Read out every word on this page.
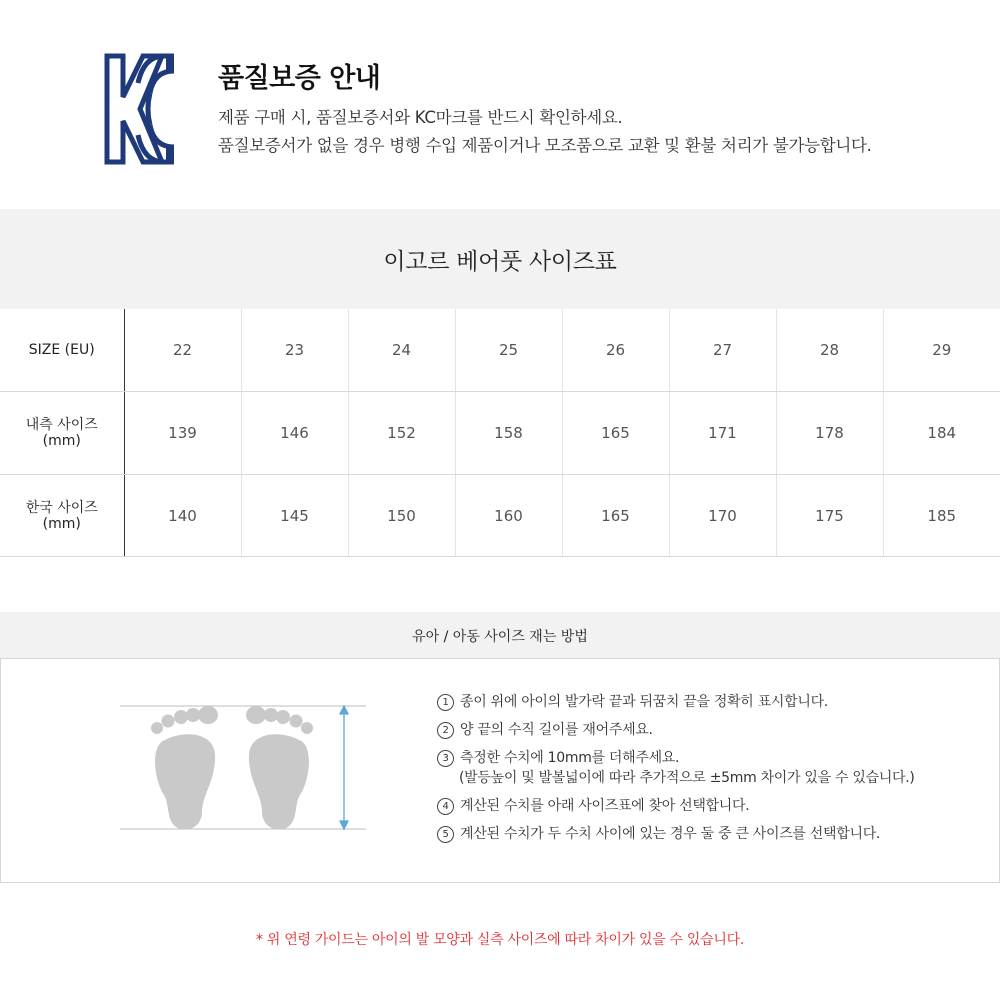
품질보증 안내
제품 구매 시, 품질보증서와 KC마크를 반드시 확인하세요.
품질보증서가 없을 경우 병행 수입 제품이거나 모조품으로 교환 및 환불 처리가 불가능합니다.
이고르 베어풋 사이즈표
SIZE (EU)	22	23	24	25	26	27	28	29
내측 사이즈
(mm)	139	146	152	158	165	171	178	184
한국 사이즈
(mm)	140	145	150	160	165	170	175	185
유아 / 아동 사이즈 재는 방법
1 종이 위에 아이의 발가락 끝과 뒤꿈치 끝을 정확히 표시합니다.
2 양 끝의 수직 길이를 재어주세요.
3 측정한 수치에 10mm를 더해주세요.
(발등높이 및 발볼넓이에 따라 추가적으로 ±5mm 차이가 있을 수 있습니다.)
4 계산된 수치를 아래 사이즈표에 찾아 선택합니다.
5 계산된 수치가 두 수치 사이에 있는 경우 둘 중 큰 사이즈를 선택합니다.
* 위 연령 가이드는 아이의 발 모양과 실측 사이즈에 따라 차이가 있을 수 있습니다.
